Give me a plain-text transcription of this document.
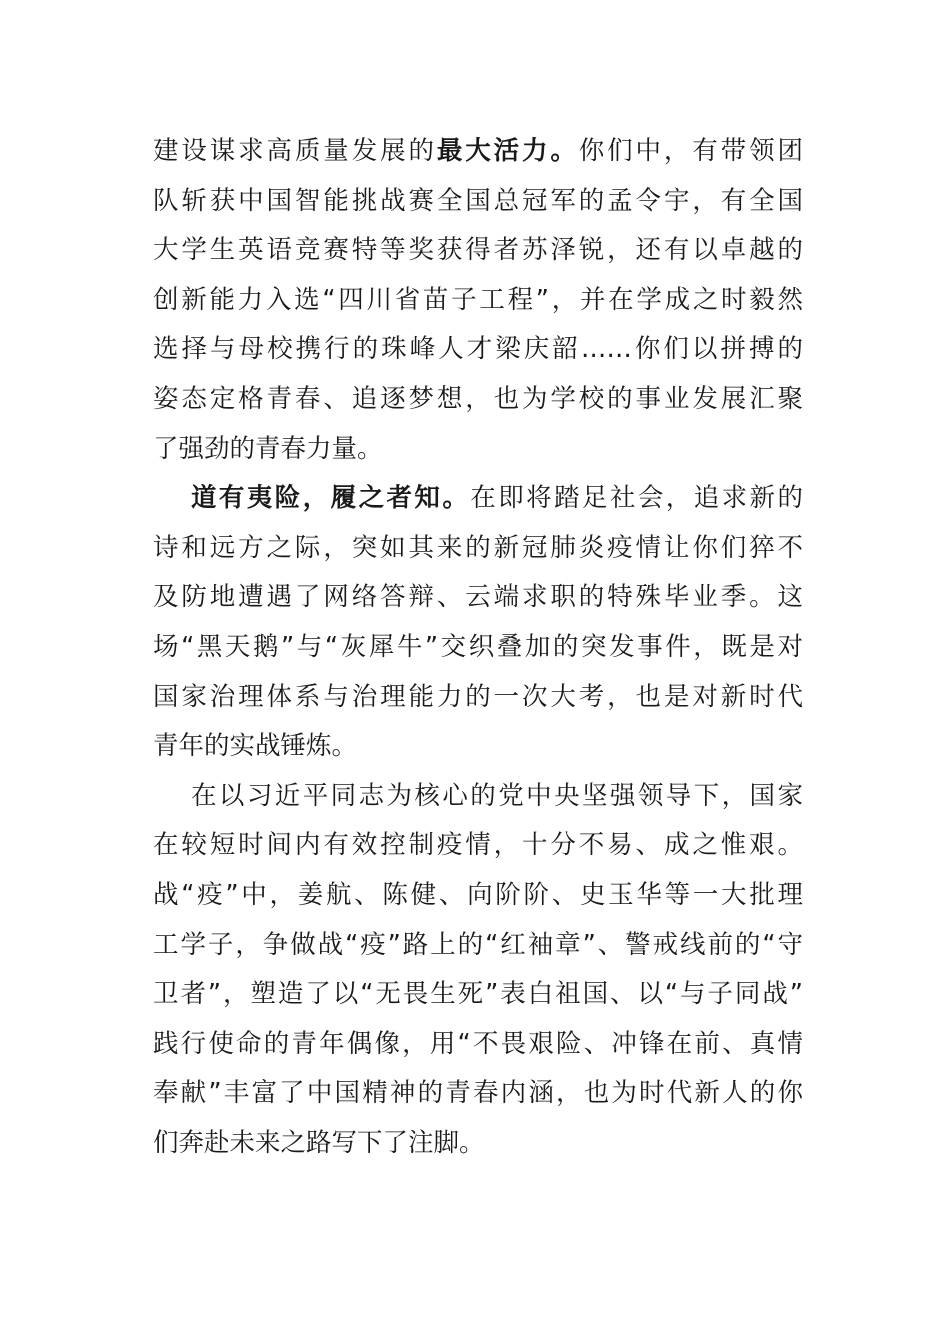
建设谋求高质量发展的最大活力。你们中，有带领团
队斩获中国智能挑战赛全国总冠军的孟令宇，有全国
大学生英语竞赛特等奖获得者苏泽锐，还有以卓越的
创新能力入选“四川省苗子工程”，并在学成之时毅然
选择与母校携行的珠峰人才梁庆韶……你们以拼搏的
姿态定格青春、追逐梦想，也为学校的事业发展汇聚
了强劲的青春力量。
道有夷险，履之者知。在即将踏足社会，追求新的
诗和远方之际，突如其来的新冠肺炎疫情让你们猝不
及防地遭遇了网络答辩、云端求职的特殊毕业季。这
场“黑天鹅”与“灰犀牛”交织叠加的突发事件，既是对
国家治理体系与治理能力的一次大考，也是对新时代
青年的实战锤炼。
在以习近平同志为核心的党中央坚强领导下，国家
在较短时间内有效控制疫情，十分不易、成之惟艰。
战“疫”中，姜航、陈健、向阶阶、史玉华等一大批理
工学子，争做战“疫”路上的“红袖章”、警戒线前的“守
卫者”，塑造了以“无畏生死”表白祖国、以“与子同战”
践行使命的青年偶像，用“不畏艰险、冲锋在前、真情
奉献”丰富了中国精神的青春内涵，也为时代新人的你
们奔赴未来之路写下了注脚。
